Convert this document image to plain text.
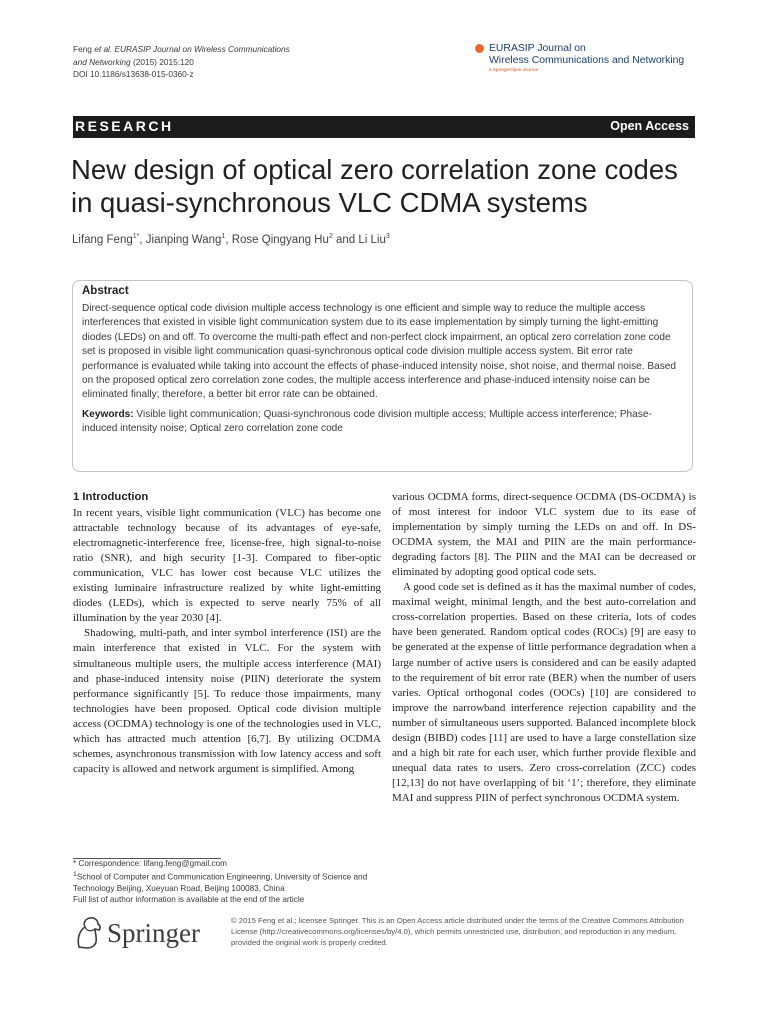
Feng et al. EURASIP Journal on Wireless Communications
and Networking (2015) 2015:120
DOI 10.1186/s13638-015-0360-z
EURASIP Journal on
Wireless Communications and Networking
a SpringerOpen Journal
RESEARCH	Open Access
New design of optical zero correlation zone codes in quasi-synchronous VLC CDMA systems
Lifang Feng$^{1*}$, Jianping Wang$^1$, Rose Qingyang Hu$^2$ and Li Liu$^3$
Abstract
Direct-sequence optical code division multiple access technology is one efficient and simple way to reduce the multiple access interferences that existed in visible light communication system due to its ease implementation by simply turning the light-emitting diodes (LEDs) on and off. To overcome the multi-path effect and non-perfect clock impairment, an optical zero correlation zone code set is proposed in visible light communication quasi-synchronous optical code division multiple access system. Bit error rate performance is evaluated while taking into account the effects of phase-induced intensity noise, shot noise, and thermal noise. Based on the proposed optical zero correlation zone codes, the multiple access interference and phase-induced intensity noise can be eliminated finally; therefore, a better bit error rate can be obtained.
Keywords: Visible light communication; Quasi-synchronous code division multiple access; Multiple access interference; Phase-induced intensity noise; Optical zero correlation zone code
1 Introduction

In recent years, visible light communication (VLC) has become one attractable technology because of its advantages of eye-safe, electromagnetic-interference free, license-free, high signal-to-noise ratio (SNR), and high security [1-3]. Compared to fiber-optic communication, VLC has lower cost because VLC utilizes the existing luminaire infrastructure realized by white light-emitting diodes (LEDs), which is expected to serve nearly 75% of all illumination by the year 2030 [4].

Shadowing, multi-path, and inter symbol interference (ISI) are the main interference that existed in VLC. For the system with simultaneous multiple users, the multiple access interference (MAI) and phase-induced intensity noise (PIIN) deteriorate the system performance significantly [5]. To reduce those impairments, many technologies have been proposed. Optical code division multiple access (OCDMA) technology is one of the technologies used in VLC, which has attracted much attention [6,7]. By utilizing OCDMA schemes, asynchronous transmission with low latency access and soft capacity is allowed and network argument is simplified. Among

various OCDMA forms, direct-sequence OCDMA (DS-OCDMA) is of most interest for indoor VLC system due to its ease of implementation by simply turning the LEDs on and off. In DS-OCDMA system, the MAI and PIIN are the main performance-degrading factors [8]. The PIIN and the MAI can be decreased or eliminated by adopting good optical code sets.

A good code set is defined as it has the maximal number of codes, maximal weight, minimal length, and the best auto-correlation and cross-correlation properties. Based on these criteria, lots of codes have been generated. Random optical codes (ROCs) [9] are easy to be generated at the expense of little performance degradation when a large number of active users is considered and can be easily adapted to the requirement of bit error rate (BER) when the number of users varies. Optical orthogonal codes (OOCs) [10] are considered to improve the narrowband interference rejection capability and the number of simultaneous users supported. Balanced incomplete block design (BIBD) codes [11] are used to have a large constellation size and a high bit rate for each user, which further provide flexible and unequal data rates to users. Zero cross-correlation (ZCC) codes [12,13] do not have overlapping of bit ‘1’; therefore, they eliminate MAI and suppress PIIN of perfect synchronous OCDMA system.

* Correspondence: lifang.feng@gmail.com
$^1$School of Computer and Communication Engineering, University of Science and Technology Beijing, Xueyuan Road, Beijing 100083, China
Full list of author information is available at the end of the article
Springer	© 2015 Feng et al.; licensee Springer. This is an Open Access article distributed under the terms of the Creative Commons Attribution License (http://creativecommons.org/licenses/by/4.0), which permits unrestricted use, distribution, and reproduction in any medium, provided the original work is properly credited.
